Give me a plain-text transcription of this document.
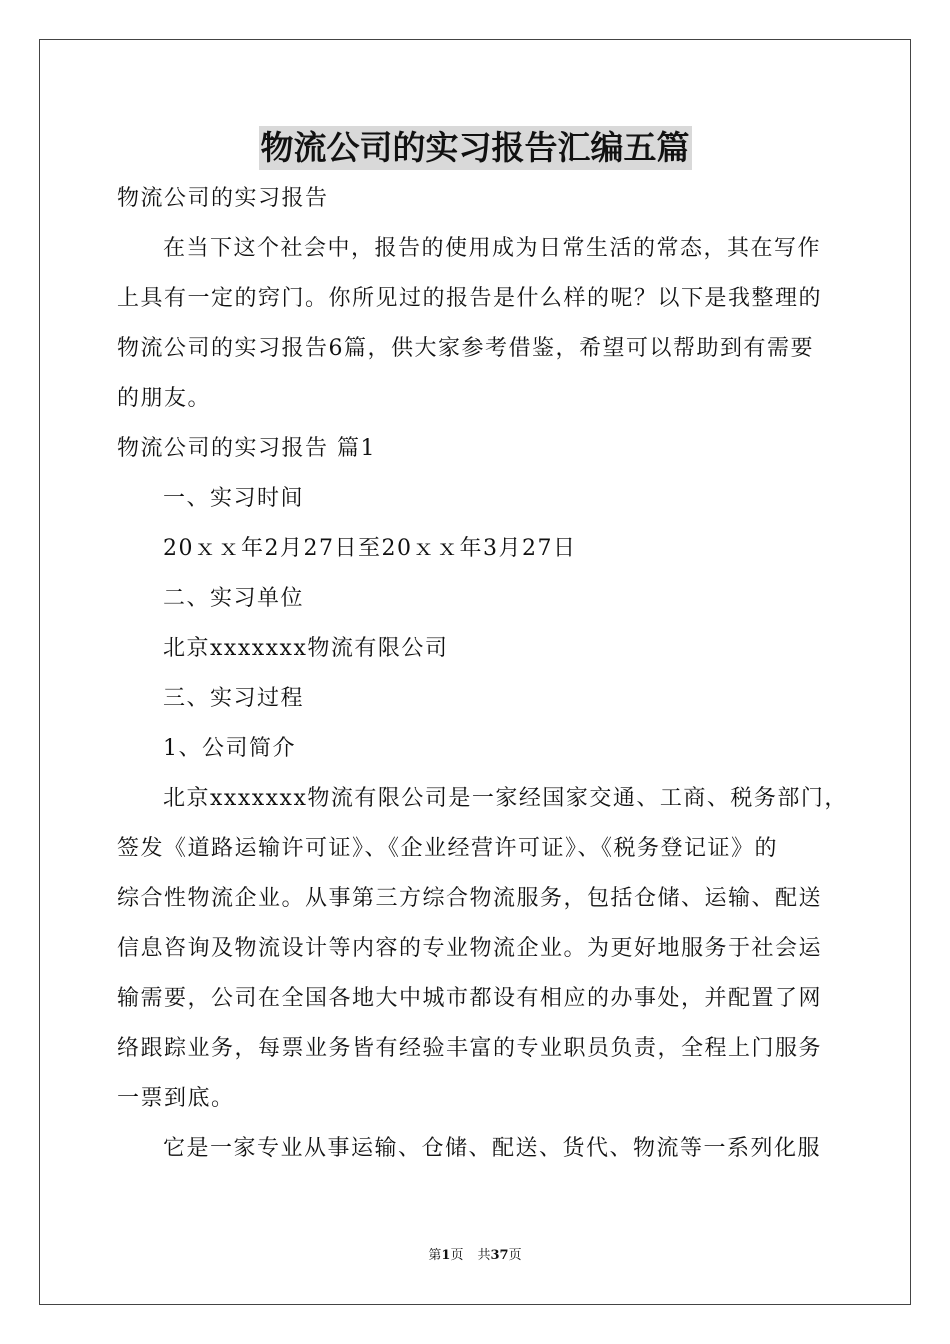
物流公司的实习报告汇编五篇
物流公司的实习报告
在当下这个社会中，报告的使用成为日常生活的常态，其在写作
上具有一定的窍门。你所见过的报告是什么样的呢？以下是我整理的
物流公司的实习报告6篇，供大家参考借鉴，希望可以帮助到有需要
的朋友。
物流公司的实习报告 篇1
一、实习时间
20ｘｘ年2月27日至20ｘｘ年3月27日
二、实习单位
北京xxxxxxx物流有限公司
三、实习过程
1、公司简介
北京xxxxxxx物流有限公司是一家经国家交通、工商、税务部门，
签发《道路运输许可证》、《企业经营许可证》、《税务登记证》的
综合性物流企业。从事第三方综合物流服务，包括仓储、运输、配送
信息咨询及物流设计等内容的专业物流企业。为更好地服务于社会运
输需要，公司在全国各地大中城市都设有相应的办事处，并配置了网
络跟踪业务，每票业务皆有经验丰富的专业职员负责，全程上门服务
一票到底。
它是一家专业从事运输、仓储、配送、货代、物流等一系列化服
第1页 共37页
